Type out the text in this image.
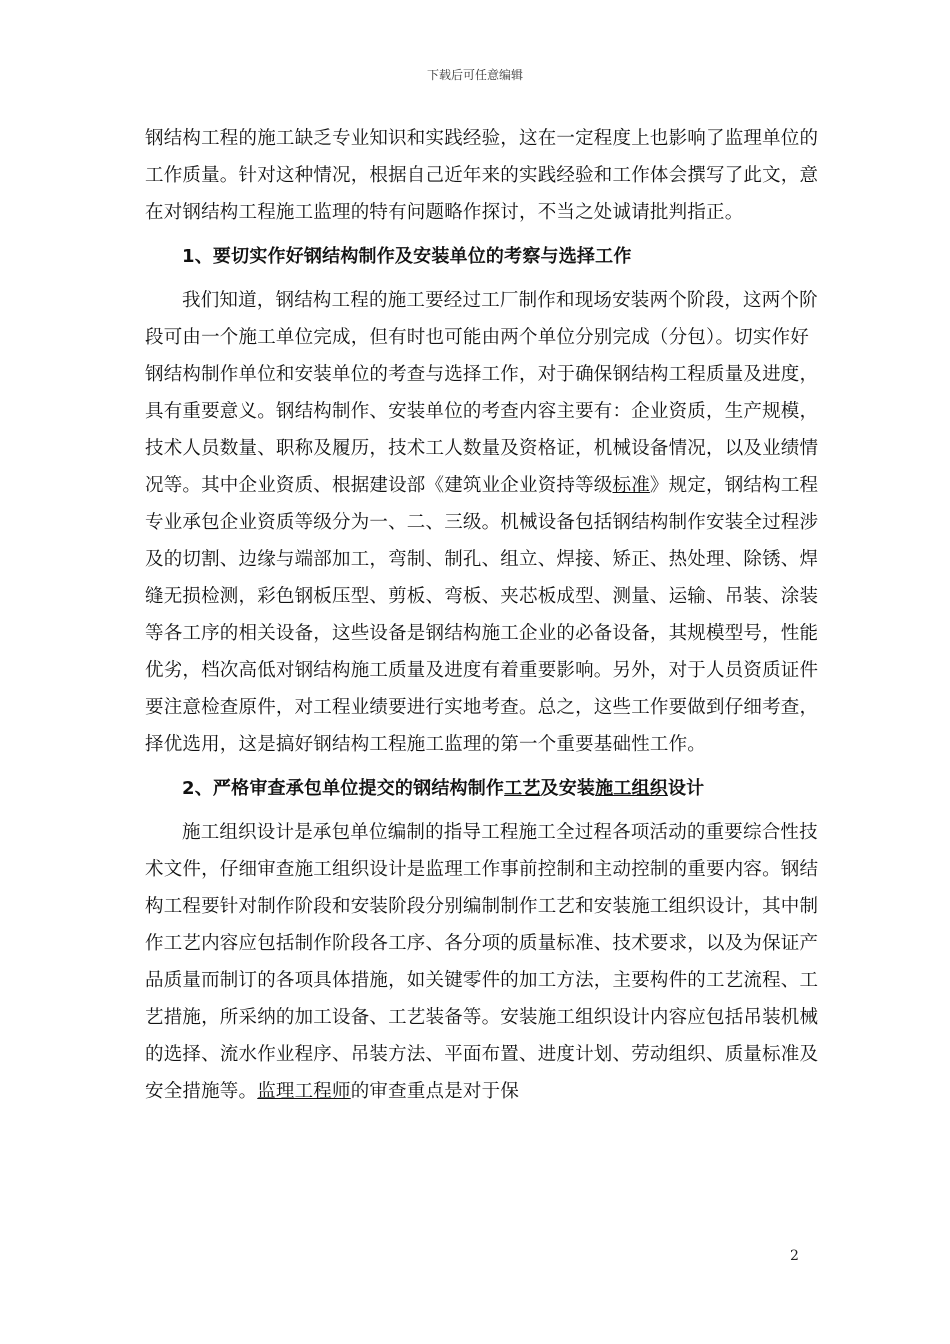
下载后可任意编辑

钢结构工程的施工缺乏专业知识和实践经验，这在一定程度上也影响了监理单位的工作质量。针对这种情况，根据自己近年来的实践经验和工作体会撰写了此文，意在对钢结构工程施工监理的特有问题略作探讨，不当之处诚请批判指正。

1、要切实作好钢结构制作及安装单位的考察与选择工作

我们知道，钢结构工程的施工要经过工厂制作和现场安装两个阶段，这两个阶段可由一个施工单位完成，但有时也可能由两个单位分别完成（分包）。切实作好钢结构制作单位和安装单位的考查与选择工作，对于确保钢结构工程质量及进度，具有重要意义。钢结构制作、安装单位的考查内容主要有：企业资质，生产规模，技术人员数量、职称及履历，技术工人数量及资格证，机械设备情况，以及业绩情况等。其中企业资质、根据建设部《建筑业企业资持等级标准》规定，钢结构工程专业承包企业资质等级分为一、二、三级。机械设备包括钢结构制作安装全过程涉及的切割、边缘与端部加工，弯制、制孔、组立、焊接、矫正、热处理、除锈、焊缝无损检测，彩色钢板压型、剪板、弯板、夹芯板成型、测量、运输、吊装、涂装等各工序的相关设备，这些设备是钢结构施工企业的必备设备，其规模型号，性能优劣，档次高低对钢结构施工质量及进度有着重要影响。另外，对于人员资质证件要注意检查原件，对工程业绩要进行实地考查。总之，这些工作要做到仔细考查，择优选用，这是搞好钢结构工程施工监理的第一个重要基础性工作。

2、严格审查承包单位提交的钢结构制作工艺及安装施工组织设计

施工组织设计是承包单位编制的指导工程施工全过程各项活动的重要综合性技术文件，仔细审查施工组织设计是监理工作事前控制和主动控制的重要内容。钢结构工程要针对制作阶段和安装阶段分别编制制作工艺和安装施工组织设计，其中制作工艺内容应包括制作阶段各工序、各分项的质量标准、技术要求，以及为保证产品质量而制订的各项具体措施，如关键零件的加工方法，主要构件的工艺流程、工艺措施，所采纳的加工设备、工艺装备等。安装施工组织设计内容应包括吊装机械的选择、流水作业程序、吊装方法、平面布置、进度计划、劳动组织、质量标准及安全措施等。监理工程师的审查重点是对于保

2
